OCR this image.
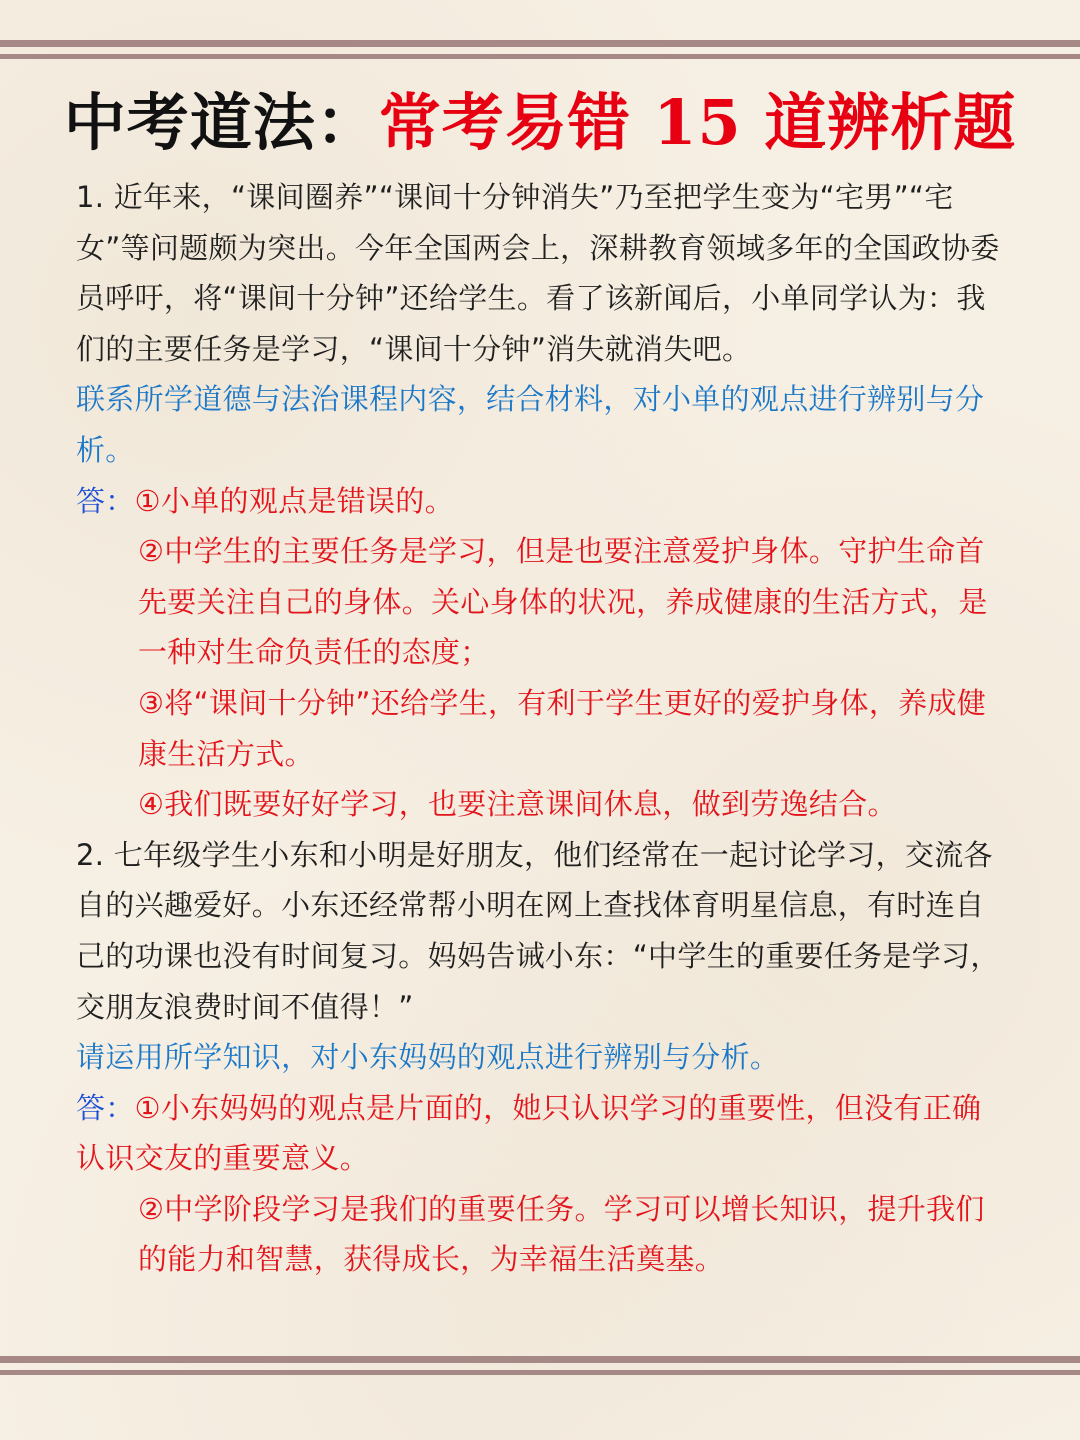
中考道法：常考易错 15 道辨析题

1. 近年来，“课间圈养”“课间十分钟消失”乃至把学生变为“宅男”“宅女”等问题颇为突出。今年全国两会上，深耕教育领域多年的全国政协委员呼吁，将“课间十分钟”还给学生。看了该新闻后，小单同学认为：我们的主要任务是学习，“课间十分钟”消失就消失吧。

联系所学道德与法治课程内容，结合材料，对小单的观点进行辨别与分析。

答：①小单的观点是错误的。

②中学生的主要任务是学习，但是也要注意爱护身体。守护生命首先要关注自己的身体。关心身体的状况，养成健康的生活方式，是一种对生命负责任的态度；

③将“课间十分钟”还给学生，有利于学生更好的爱护身体，养成健康生活方式。

④我们既要好好学习，也要注意课间休息，做到劳逸结合。

2. 七年级学生小东和小明是好朋友，他们经常在一起讨论学习，交流各自的兴趣爱好。小东还经常帮小明在网上查找体育明星信息，有时连自己的功课也没有时间复习。妈妈告诫小东：“中学生的重要任务是学习，交朋友浪费时间不值得！”

请运用所学知识，对小东妈妈的观点进行辨别与分析。

答：①小东妈妈的观点是片面的，她只认识学习的重要性，但没有正确认识交友的重要意义。

②中学阶段学习是我们的重要任务。学习可以增长知识，提升我们的能力和智慧，获得成长，为幸福生活奠基。
